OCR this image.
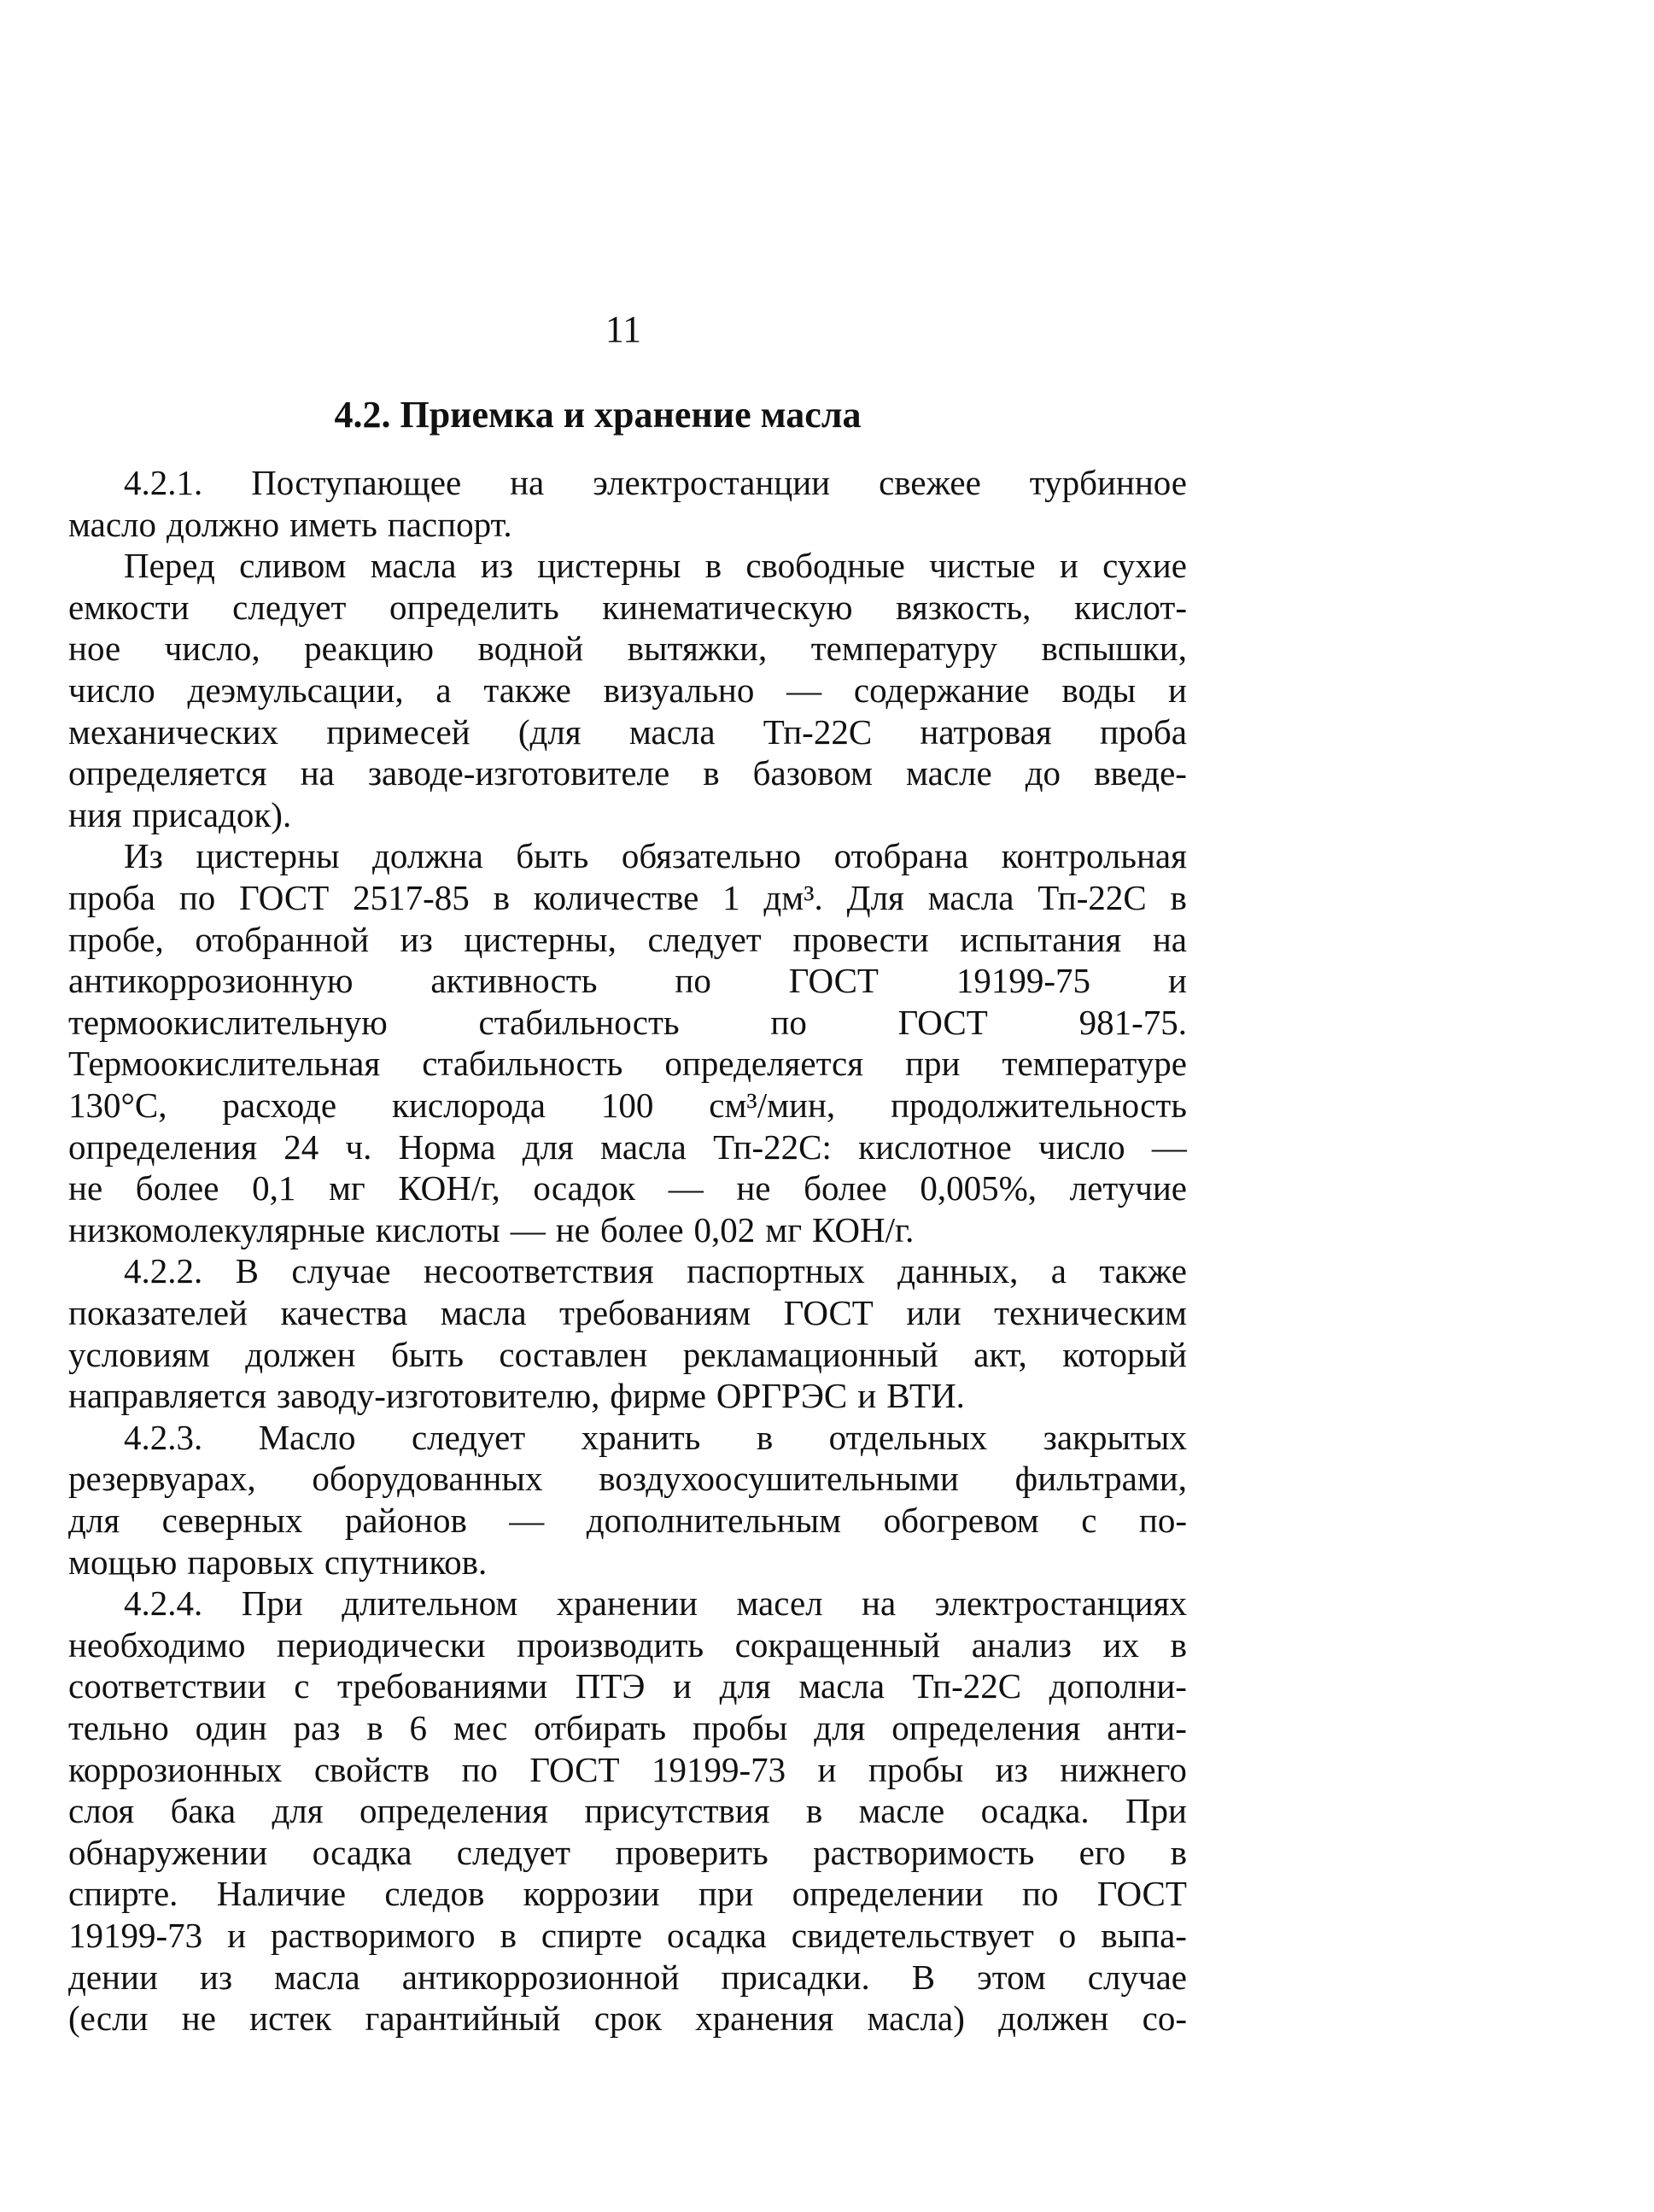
11
4.2. Приемка и хранение масла
4.2.1. Поступающее на электростанции свежее турбинное
масло должно иметь паспорт.
Перед сливом масла из цистерны в свободные чистые и сухие
емкости следует определить кинематическую вязкость, кислот-
ное число, реакцию водной вытяжки, температуру вспышки,
число деэмульсации, а также визуально — содержание воды и
механических примесей (для масла Тп-22С натровая проба
определяется на заводе-изготовителе в базовом масле до введе-
ния присадок).
Из цистерны должна быть обязательно отобрана контрольная
проба по ГОСТ 2517-85 в количестве 1 дм³. Для масла Тп-22С в
пробе, отобранной из цистерны, следует провести испытания на
антикоррозионную активность по ГОСТ 19199-75 и
термоокислительную	стабильность	по	ГОСТ	981-75.
Термоокислительная стабильность определяется при температуре
130°С, расходе кислорода 100 см³/мин, продолжительность
определения 24 ч. Норма для масла Тп-22С: кислотное число —
не более 0,1 мг КОН/г, осадок — не более 0,005%, летучие
низкомолекулярные кислоты — не более 0,02 мг КОН/г.
4.2.2. В случае несоответствия паспортных данных, а также
показателей качества масла требованиям ГОСТ или техническим
условиям должен быть составлен рекламационный акт, который
направляется заводу-изготовителю, фирме ОРГРЭС и ВТИ.
4.2.3. Масло следует хранить в отдельных закрытых
резервуарах, оборудованных воздухоосушительными фильтрами,
для северных районов — дополнительным обогревом с по-
мощью паровых спутников.
4.2.4. При длительном хранении масел на электростанциях
необходимо периодически производить сокращенный анализ их в
соответствии с требованиями ПТЭ и для масла Тп-22С дополни-
тельно один раз в 6 мес отбирать пробы для определения анти-
коррозионных свойств по ГОСТ 19199-73 и пробы из нижнего
слоя бака для определения присутствия в масле осадка. При
обнаружении осадка следует проверить растворимость его в
спирте. Наличие следов коррозии при определении по ГОСТ
19199-73 и растворимого в спирте осадка свидетельствует о выпа-
дении из масла антикоррозионной присадки. В этом случае
(если не истек гарантийный срок хранения масла) должен со-
